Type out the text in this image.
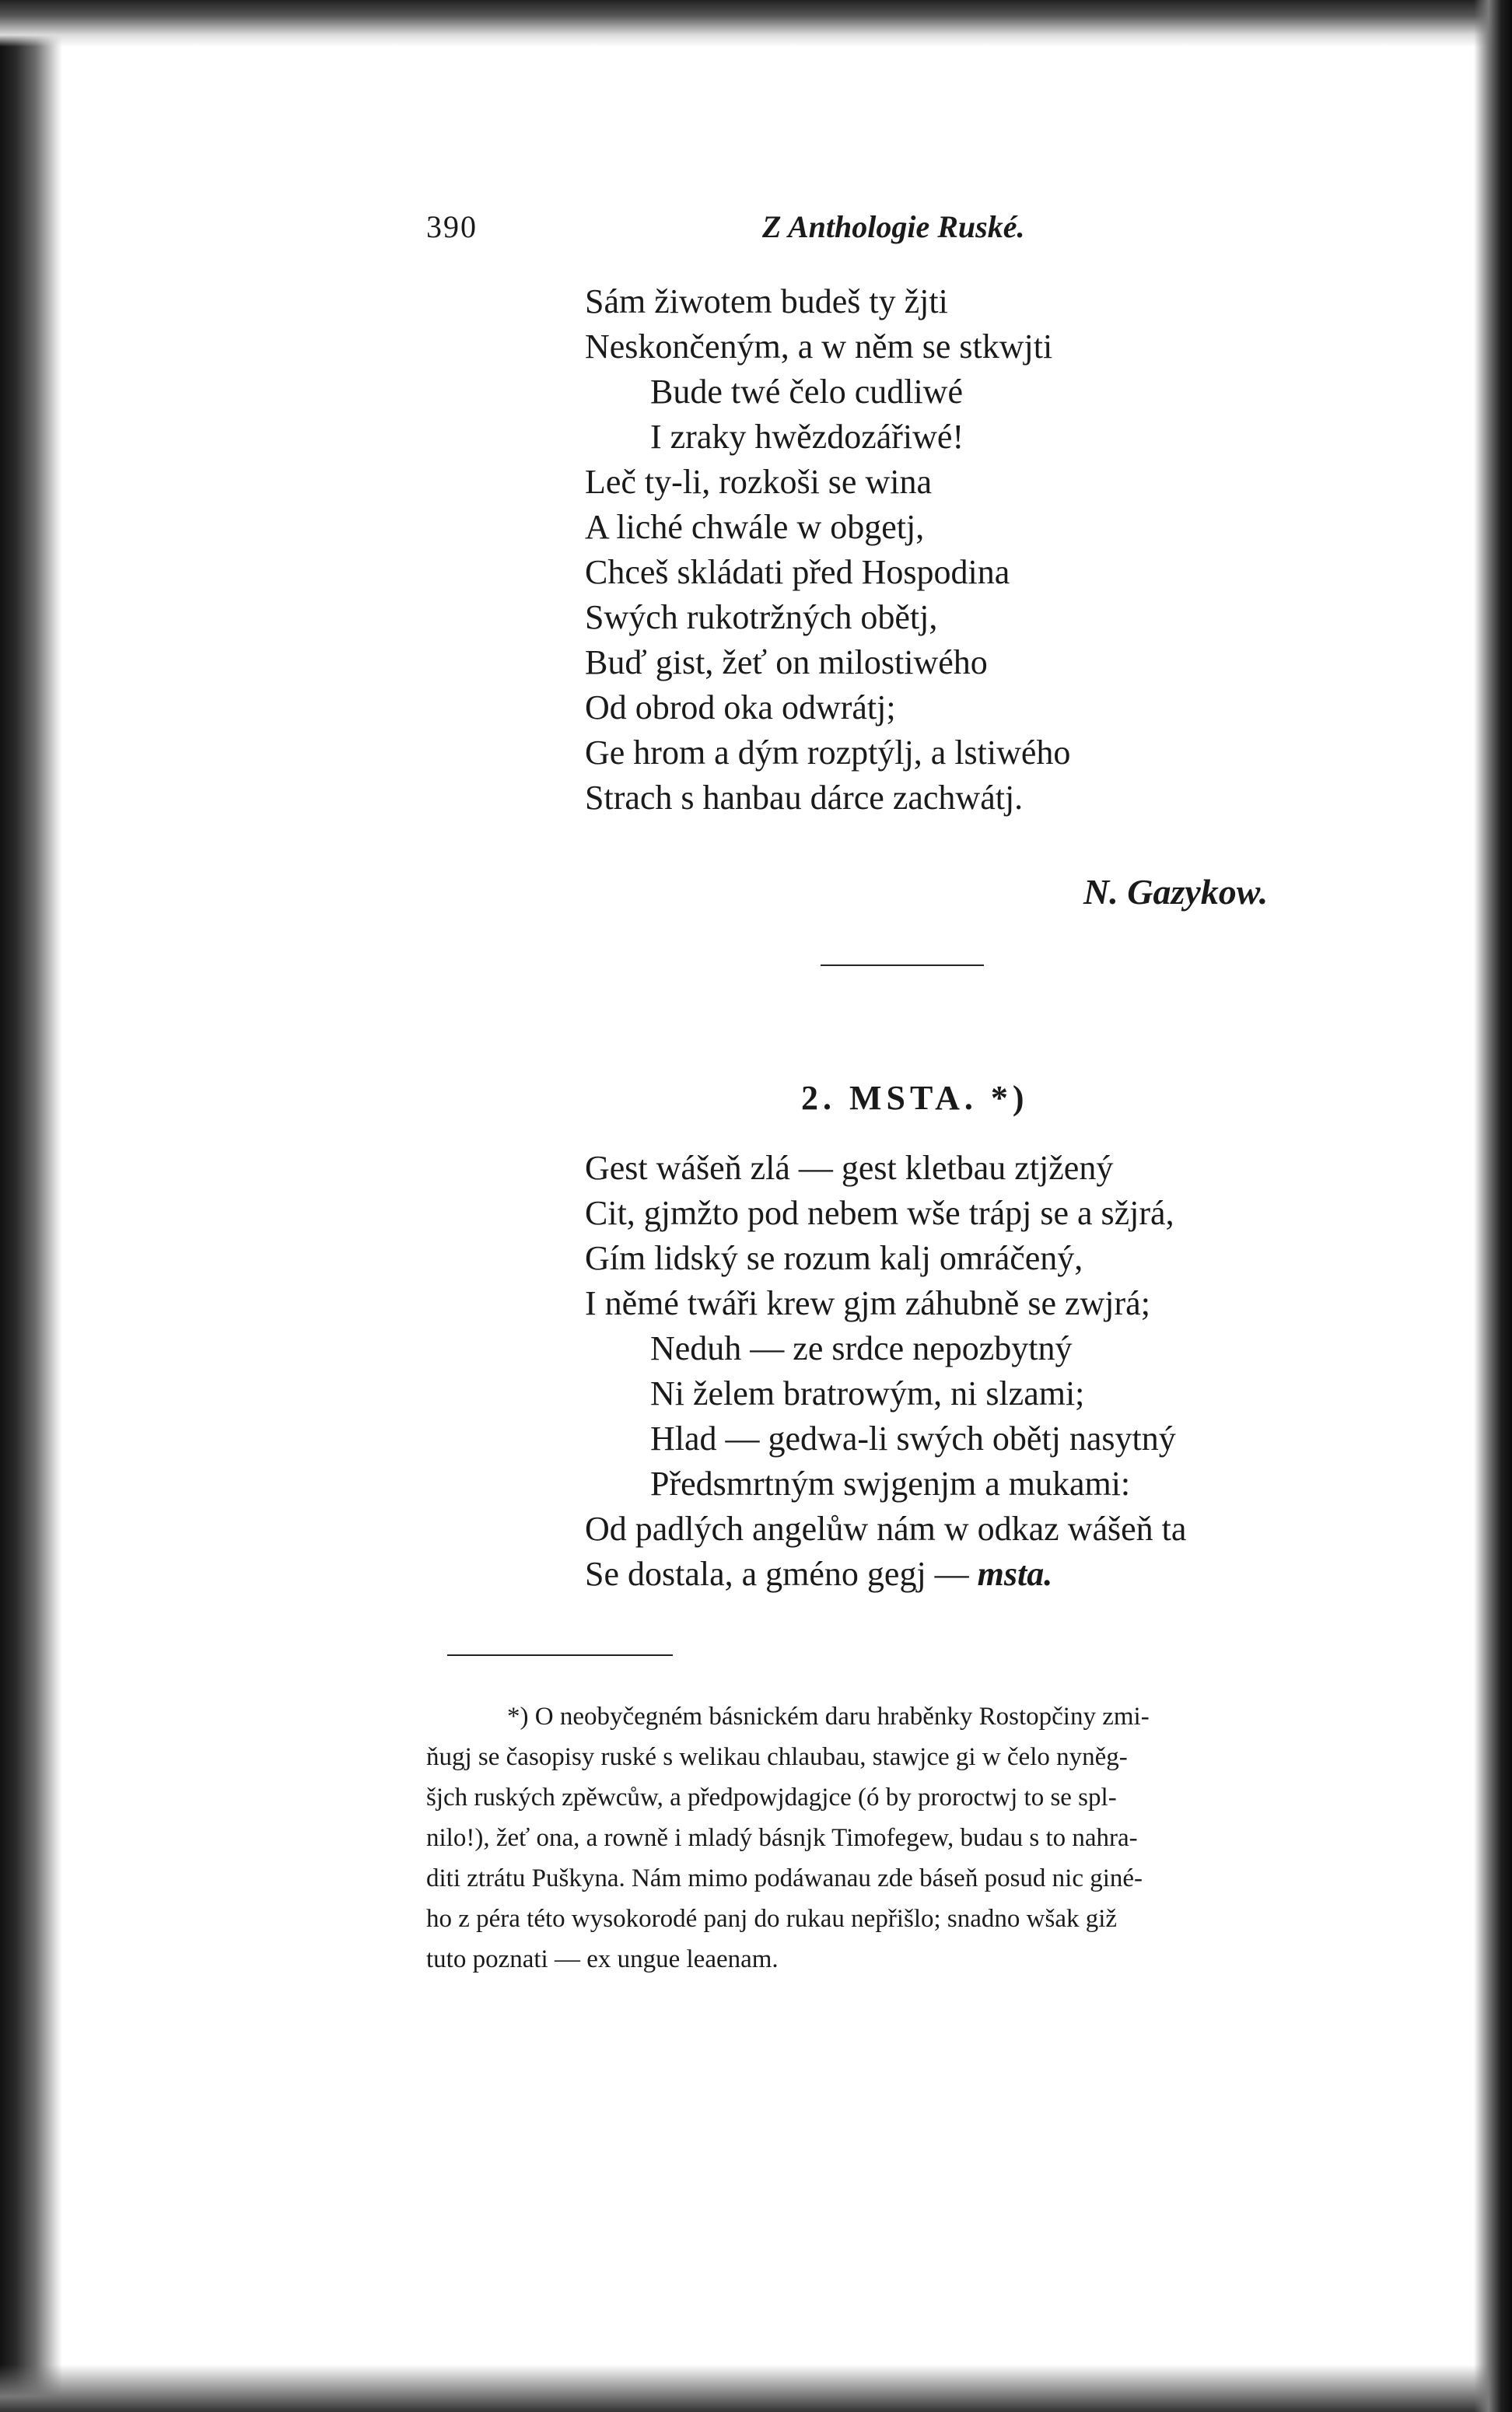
390	Z Anthologie Ruské.
Sám žiwotem budeš ty žjti
Neskončeným, a w něm se stkwjti
Bude twé čelo cudliwé
I zraky hwězdozářiwé!
Leč ty-li, rozkoši se wina
A liché chwále w obgetj,
Chceš skládati před Hospodina
Swých rukotržných obětj,
Buď gist, žeť on milostiwého
Od obrod oka odwrátj;
Ge hrom a dým rozptýlj, a lstiwého
Strach s hanbau dárce zachwátj.
N. Gazykow.
2. MSTA. *)
Gest wášeň zlá — gest kletbau ztjžený
Cit, gjmžto pod nebem wše trápj se a sžjrá,
Gím lidský se rozum kalj omráčený,
I němé twáři krew gjm záhubně se zwjrá;
Neduh — ze srdce nepozbytný
Ni želem bratrowým, ni slzami;
Hlad — gedwa-li swých obětj nasytný
Předsmrtným swjgenjm a mukami:
Od padlých angelůw nám w odkaz wášeň ta
Se dostala, a gméno gegj — msta.
*) O neobyčegném básnickém daru hraběnky Rostopčiny zmi-
ňugj se časopisy ruské s welikau chlaubau, stawjce gi w čelo nyněg-
šjch ruských zpěwcůw, a předpowjdagjce (ó by proroctwj to se spl-
nilo!), žeť ona, a rowně i mladý básnjk Timofegew, budau s to nahra-
diti ztrátu Puškyna. Nám mimo podáwanau zde báseň posud nic giné-
ho z péra této wysokorodé panj do rukau nepřišlo; snadno wšak giž
tuto poznati — ex ungue leaenam.
